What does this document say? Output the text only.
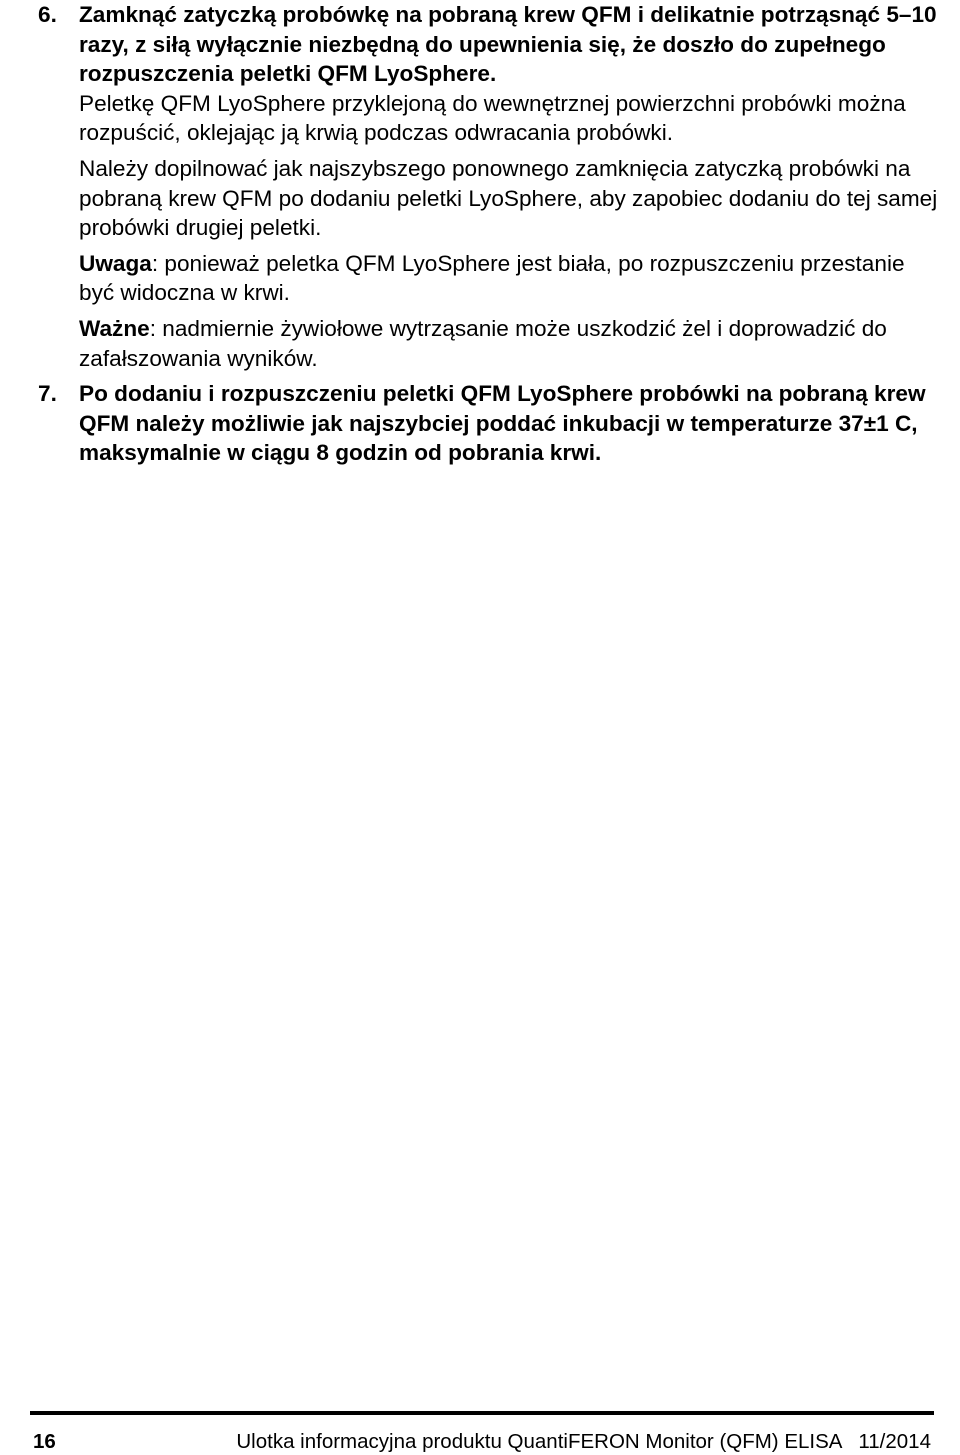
6. Zamknąć zatyczką probówkę na pobraną krew QFM i delikatnie potrząsnąć 5–10 razy, z siłą wyłącznie niezbędną do upewnienia się, że doszło do zupełnego rozpuszczenia peletki QFM LyoSphere.

Peletkę QFM LyoSphere przyklejoną do wewnętrznej powierzchni probówki można rozpuścić, oklejając ją krwią podczas odwracania probówki.

Należy dopilnować jak najszybszego ponownego zamknięcia zatyczką probówki na pobraną krew QFM po dodaniu peletki LyoSphere, aby zapobiec dodaniu do tej samej probówki drugiej peletki.

Uwaga: ponieważ peletka QFM LyoSphere jest biała, po rozpuszczeniu przestanie być widoczna w krwi.

Ważne: nadmiernie żywiołowe wytrząsanie może uszkodzić żel i doprowadzić do zafałszowania wyników.

7. Po dodaniu i rozpuszczeniu peletki QFM LyoSphere probówki na pobraną krew QFM należy możliwie jak najszybciej poddać inkubacji w temperaturze 37±1 C, maksymalnie w ciągu 8 godzin od pobrania krwi.

16	Ulotka informacyjna produktu QuantiFERON Monitor (QFM) ELISA   11/2014
